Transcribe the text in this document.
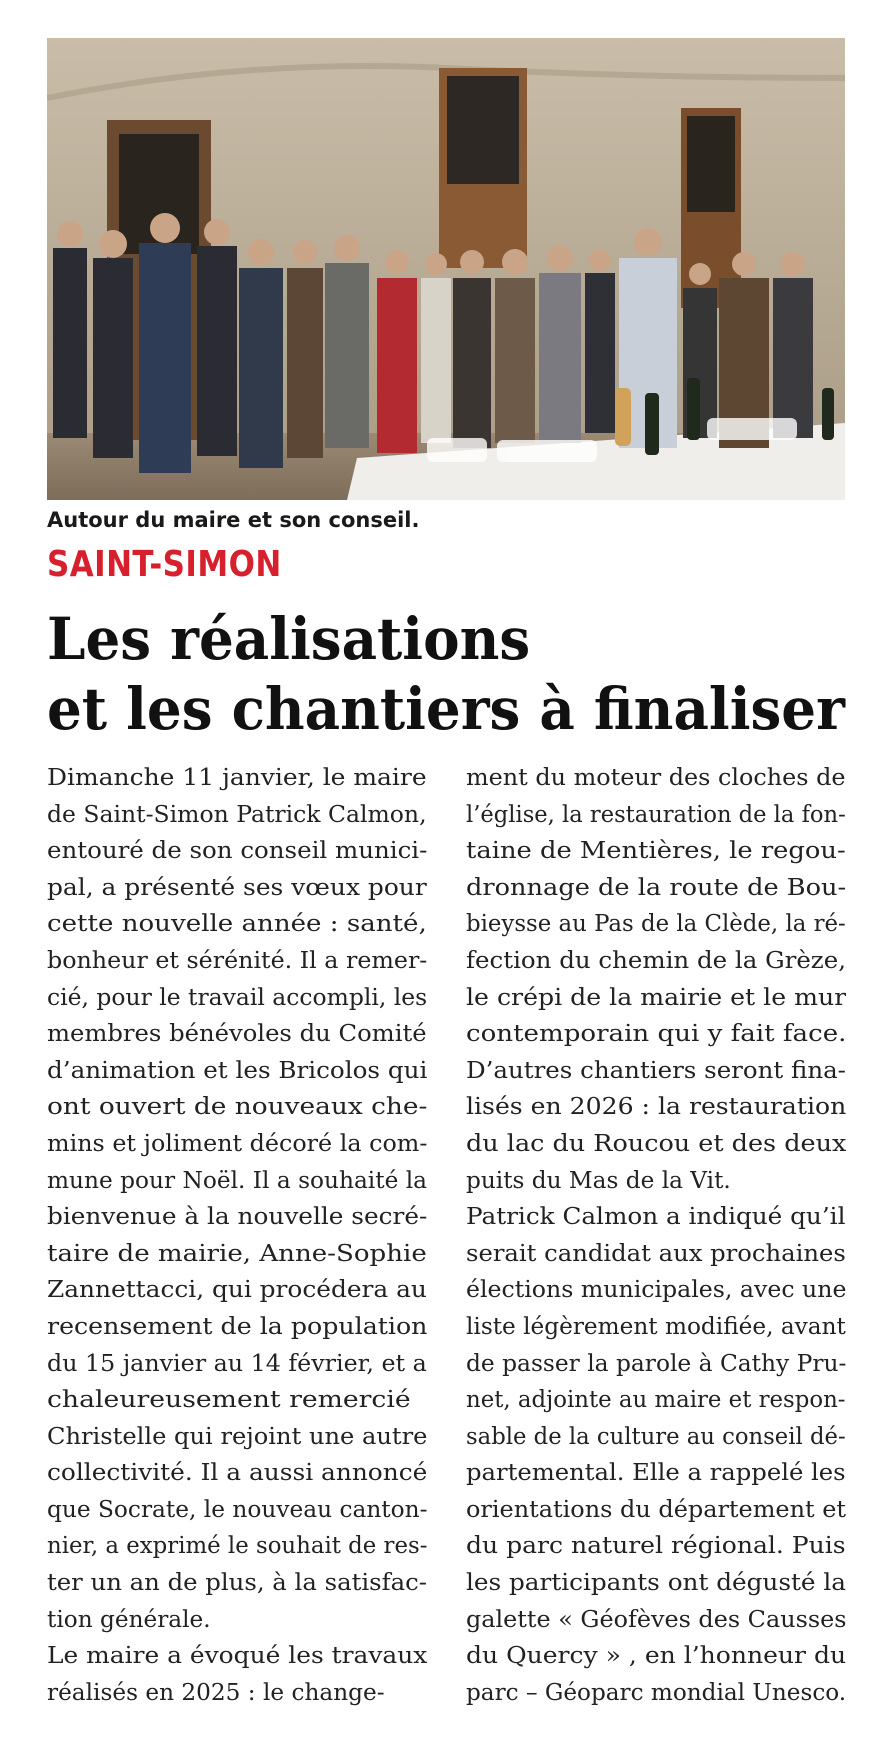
Autour du maire et son conseil.
SAINT-SIMON
Les réalisations
et les chantiers à finaliser
Dimanche 11 janvier, le maire
de Saint-Simon Patrick Calmon,
entouré de son conseil munici-
pal, a présenté ses vœux pour
cette nouvelle année : santé,
bonheur et sérénité. Il a remer-
cié, pour le travail accompli, les
membres bénévoles du Comité
d’animation et les Bricolos qui
ont ouvert de nouveaux che-
mins et joliment décoré la com-
mune pour Noël. Il a souhaité la
bienvenue à la nouvelle secré-
taire de mairie, Anne-Sophie
Zannettacci, qui procédera au
recensement de la population
du 15 janvier au 14 février, et a
chaleureusement remercié
Christelle qui rejoint une autre
collectivité. Il a aussi annoncé
que Socrate, le nouveau canton-
nier, a exprimé le souhait de res-
ter un an de plus, à la satisfac-
tion générale.
Le maire a évoqué les travaux
réalisés en 2025 : le change-
ment du moteur des cloches de
l’église, la restauration de la fon-
taine de Mentières, le regou-
dronnage de la route de Bou-
bieysse au Pas de la Clède, la ré-
fection du chemin de la Grèze,
le crépi de la mairie et le mur
contemporain qui y fait face.
D’autres chantiers seront fina-
lisés en 2026 : la restauration
du lac du Roucou et des deux
puits du Mas de la Vit.
Patrick Calmon a indiqué qu’il
serait candidat aux prochaines
élections municipales, avec une
liste légèrement modifiée, avant
de passer la parole à Cathy Pru-
net, adjointe au maire et respon-
sable de la culture au conseil dé-
partemental. Elle a rappelé les
orientations du département et
du parc naturel régional. Puis
les participants ont dégusté la
galette « Géofèves des Causses
du Quercy » , en l’honneur du
parc – Géoparc mondial Unesco.
